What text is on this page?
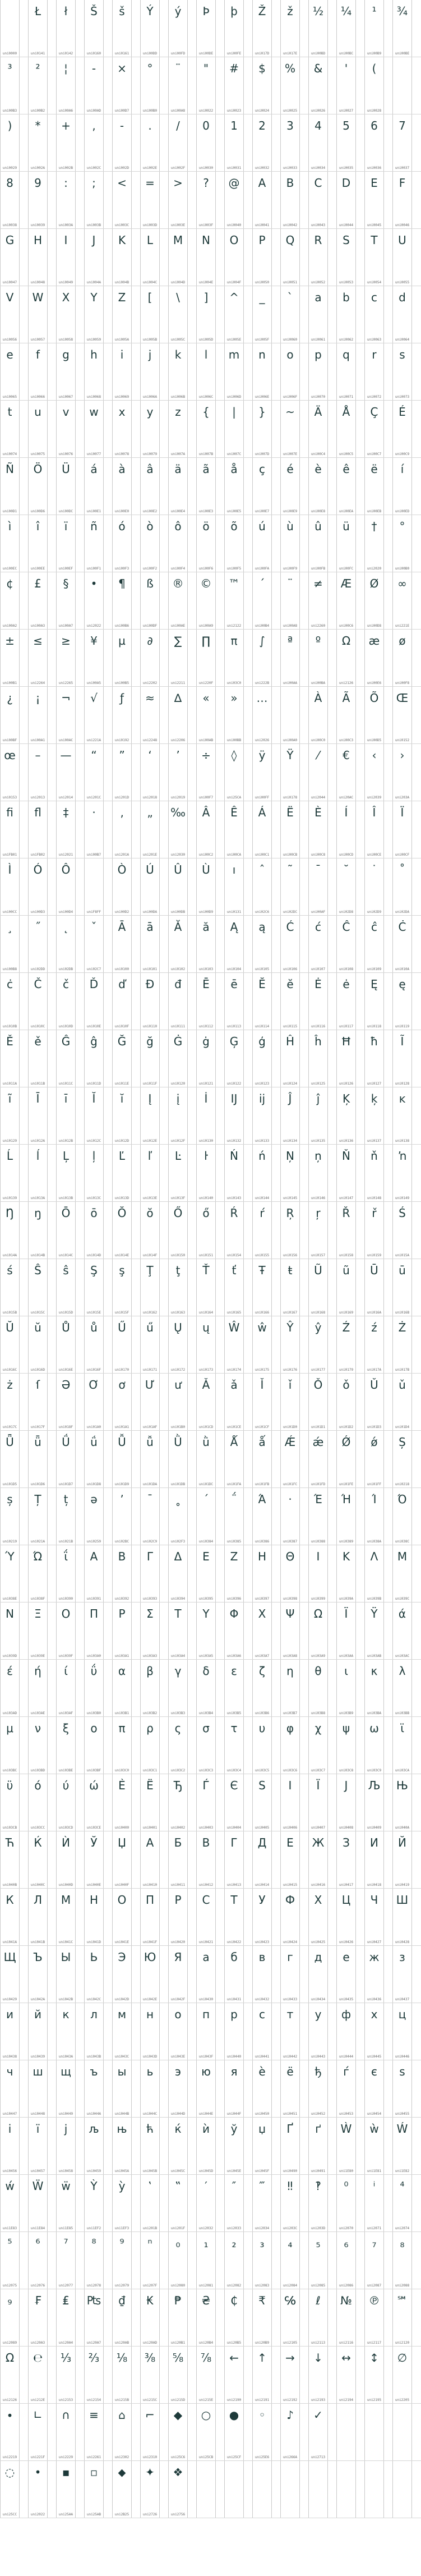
uni0000
Ł
uni0141
ł
uni0142
Š
uni0160
š
uni0161
Ý
uni00DD
ý
uni00FD
Þ
uni00DE
þ
uni00FE
Ž
uni017D
ž
uni017E
½
uni00BD
¼
uni00BC
¹
uni00B9
¾
uni00BE
³
uni00B3
²
uni00B2
¦
uni00A6
-
uni00AD
×
uni00D7
°
uni00B0
¨
uni00A8
"
uni0022
#
uni0023
$
uni0024
%
uni0025
&
uni0026
'
uni0027
(
uni0028
)
uni0029
*
uni002A
+
uni002B
,
uni002C
-
uni002D
.
uni002E
/
uni002F
0
uni0030
1
uni0031
2
uni0032
3
uni0033
4
uni0034
5
uni0035
6
uni0036
7
uni0037
8
uni0038
9
uni0039
:
uni003A
;
uni003B
<
uni003C
=
uni003D
>
uni003E
?
uni003F
@
uni0040
A
uni0041
B
uni0042
C
uni0043
D
uni0044
E
uni0045
F
uni0046
G
uni0047
H
uni0048
I
uni0049
J
uni004A
K
uni004B
L
uni004C
M
uni004D
N
uni004E
O
uni004F
P
uni0050
Q
uni0051
R
uni0052
S
uni0053
T
uni0054
U
uni0055
V
uni0056
W
uni0057
X
uni0058
Y
uni0059
Z
uni005A
[
uni005B
\
uni005C
]
uni005D
^
uni005E
_
uni005F
`
uni0060
a
uni0061
b
uni0062
c
uni0063
d
uni0064
e
uni0065
f
uni0066
g
uni0067
h
uni0068
i
uni0069
j
uni006A
k
uni006B
l
uni006C
m
uni006D
n
uni006E
o
uni006F
p
uni0070
q
uni0071
r
uni0072
s
uni0073
t
uni0074
u
uni0075
v
uni0076
w
uni0077
x
uni0078
y
uni0079
z
uni007A
{
uni007B
|
uni007C
}
uni007D
~
uni007E
Ä
uni00C4
Å
uni00C5
Ç
uni00C7
É
uni00C9
Ñ
uni00D1
Ö
uni00D6
Ü
uni00DC
á
uni00E1
à
uni00E0
â
uni00E2
ä
uni00E4
ã
uni00E3
å
uni00E5
ç
uni00E7
é
uni00E9
è
uni00E8
ê
uni00EA
ë
uni00EB
í
uni00ED
ì
uni00EC
î
uni00EE
ï
uni00EF
ñ
uni00F1
ó
uni00F3
ò
uni00F2
ô
uni00F4
ö
uni00F6
õ
uni00F5
ú
uni00FA
ù
uni00F9
û
uni00FB
ü
uni00FC
†
uni2020
°
uni00B0
¢
uni00A2
£
uni00A3
§
uni00A7
•
uni2022
¶
uni00B6
ß
uni00DF
®
uni00AE
©
uni00A9
™
uni2122
´
uni00B4
¨
uni00A8
≠
uni2260
Æ
uni00C6
Ø
uni00D8
∞
uni221E
±
uni00B1
≤
uni2264
≥
uni2265
¥
uni00A5
µ
uni00B5
∂
uni2202
∑
uni2211
∏
uni220F
π
uni03C0
∫
uni222B
ª
uni00AA
º
uni00BA
Ω
uni2126
æ
uni00E6
ø
uni00F8
¿
uni00BF
¡
uni00A1
¬
uni00AC
√
uni221A
ƒ
uni0192
≈
uni2248
∆
uni2206
«
uni00AB
»
uni00BB
…
uni2026	uni00A0
À
uni00C0
Ã
uni00C3
Õ
uni00D5
Œ
uni0152
œ
uni0153
–
uni2013
—
uni2014
“
uni201C
”
uni201D
‘
uni2018
’
uni2019
÷
uni00F7
◊
uni25CA
ÿ
uni00FF
Ÿ
uni0178
⁄
uni2044
€
uni20AC
‹
uni2039
›
uni203A
ﬁ
uniFB01
ﬂ
uniFB02
‡
uni2021
·
uni00B7
‚
uni201A
„
uni201E
‰
uni2030
Â
uni00C2
Ê
uni00CA
Á
uni00C1
Ë
uni00CB
È
uni00C8
Í
uni00CD
Î
uni00CE
Ï
uni00CF
Ì
uni00CC
Ó
uni00D3
Ô
uni00D4	uniF8FF
Ò
uni00D2
Ú
uni00DA
Û
uni00DB
Ù
uni00D9
ı
uni0131
ˆ
uni02C6
˜
uni02DC
¯
uni00AF
˘
uni02D8
˙
uni02D9
˚
uni02DA
¸
uni00B8
˝
uni02DD
˛
uni02DB
ˇ
uni02C7
Ā
uni0100
ā
uni0101
Ă
uni0102
ă
uni0103
Ą
uni0104
ą
uni0105
Ć
uni0106
ć
uni0107
Ĉ
uni0108
ĉ
uni0109
Ċ
uni010A
ċ
uni010B
Č
uni010C
č
uni010D
Ď
uni010E
ď
uni010F
Đ
uni0110
đ
uni0111
Ē
uni0112
ē
uni0113
Ĕ
uni0114
ĕ
uni0115
Ė
uni0116
ė
uni0117
Ę
uni0118
ę
uni0119
Ě
uni011A
ě
uni011B
Ĝ
uni011C
ĝ
uni011D
Ğ
uni011E
ğ
uni011F
Ġ
uni0120
ġ
uni0121
Ģ
uni0122
ģ
uni0123
Ĥ
uni0124
ĥ
uni0125
Ħ
uni0126
ħ
uni0127
Ĩ
uni0128
ĩ
uni0129
Ī
uni012A
ī
uni012B
Ĭ
uni012C
ĭ
uni012D
Į
uni012E
į
uni012F
İ
uni0130
Ĳ
uni0132
ĳ
uni0133
Ĵ
uni0134
ĵ
uni0135
Ķ
uni0136
ķ
uni0137
ĸ
uni0138
Ĺ
uni0139
ĺ
uni013A
Ļ
uni013B
ļ
uni013C
Ľ
uni013D
ľ
uni013E
Ŀ
uni013F
ŀ
uni0140
Ń
uni0143
ń
uni0144
Ņ
uni0145
ņ
uni0146
Ň
uni0147
ň
uni0148
ŉ
uni0149
Ŋ
uni014A
ŋ
uni014B
Ō
uni014C
ō
uni014D
Ŏ
uni014E
ŏ
uni014F
Ő
uni0150
ő
uni0151
Ŕ
uni0154
ŕ
uni0155
Ŗ
uni0156
ŗ
uni0157
Ř
uni0158
ř
uni0159
Ś
uni015A
ś
uni015B
Ŝ
uni015C
ŝ
uni015D
Ş
uni015E
ş
uni015F
Ţ
uni0162
ţ
uni0163
Ť
uni0164
ť
uni0165
Ŧ
uni0166
ŧ
uni0167
Ũ
uni0168
ũ
uni0169
Ū
uni016A
ū
uni016B
Ŭ
uni016C
ŭ
uni016D
Ů
uni016E
ů
uni016F
Ű
uni0170
ű
uni0171
Ų
uni0172
ų
uni0173
Ŵ
uni0174
ŵ
uni0175
Ŷ
uni0176
ŷ
uni0177
Ź
uni0179
ź
uni017A
Ż
uni017B
ż
uni017C
ſ
uni017F
Ə
uni018F
Ơ
uni01A0
ơ
uni01A1
Ư
uni01AF
ư
uni01B0
Ǎ
uni01CD
ǎ
uni01CE
Ǐ
uni01CF
ǐ
uni01D0
Ǒ
uni01D1
ǒ
uni01D2
Ǔ
uni01D3
ǔ
uni01D4
Ǖ
uni01D5
ǖ
uni01D6
Ǘ
uni01D7
ǘ
uni01D8
Ǚ
uni01D9
ǚ
uni01DA
Ǜ
uni01DB
ǜ
uni01DC
Ǻ
uni01FA
ǻ
uni01FB
Ǽ
uni01FC
ǽ
uni01FD
Ǿ
uni01FE
ǿ
uni01FF
Ș
uni0218
ș
uni0219
Ț
uni021A
ț
uni021B
ə
uni0259
ʼ
uni02BC
ˉ
uni02C9
˳
uni02F3
΄
uni0384
΅
uni0385
Ά
uni0386
·
uni0387
Έ
uni0388
Ή
uni0389
Ί
uni038A
Ό
uni038C
Ύ
uni038E
Ώ
uni038F
ΐ
uni0390
Α
uni0391
Β
uni0392
Γ
uni0393
Δ
uni0394
Ε
uni0395
Ζ
uni0396
Η
uni0397
Θ
uni0398
Ι
uni0399
Κ
uni039A
Λ
uni039B
Μ
uni039C
Ν
uni039D
Ξ
uni039E
Ο
uni039F
Π
uni03A0
Ρ
uni03A1
Σ
uni03A3
Τ
uni03A4
Υ
uni03A5
Φ
uni03A6
Χ
uni03A7
Ψ
uni03A8
Ω
uni03A9
Ϊ
uni03AA
Ϋ
uni03AB
ά
uni03AC
έ
uni03AD
ή
uni03AE
ί
uni03AF
ΰ
uni03B0
α
uni03B1
β
uni03B2
γ
uni03B3
δ
uni03B4
ε
uni03B5
ζ
uni03B6
η
uni03B7
θ
uni03B8
ι
uni03B9
κ
uni03BA
λ
uni03BB
μ
uni03BC
ν
uni03BD
ξ
uni03BE
ο
uni03BF
π
uni03C0
ρ
uni03C1
ς
uni03C2
σ
uni03C3
τ
uni03C4
υ
uni03C5
φ
uni03C6
χ
uni03C7
ψ
uni03C8
ω
uni03C9
ϊ
uni03CA
ϋ
uni03CB
ό
uni03CC
ύ
uni03CD
ώ
uni03CE
Ѐ
uni0400
Ё
uni0401
Ђ
uni0402
Ѓ
uni0403
Є
uni0404
Ѕ
uni0405
І
uni0406
Ї
uni0407
Ј
uni0408
Љ
uni0409
Њ
uni040A
Ћ
uni040B
Ќ
uni040C
Ѝ
uni040D
Ў
uni040E
Џ
uni040F
А
uni0410
Б
uni0411
В
uni0412
Г
uni0413
Д
uni0414
Е
uni0415
Ж
uni0416
З
uni0417
И
uni0418
Й
uni0419
К
uni041A
Л
uni041B
М
uni041C
Н
uni041D
О
uni041E
П
uni041F
Р
uni0420
С
uni0421
Т
uni0422
У
uni0423
Ф
uni0424
Х
uni0425
Ц
uni0426
Ч
uni0427
Ш
uni0428
Щ
uni0429
Ъ
uni042A
Ы
uni042B
Ь
uni042C
Э
uni042D
Ю
uni042E
Я
uni042F
а
uni0430
б
uni0431
в
uni0432
г
uni0433
д
uni0434
е
uni0435
ж
uni0436
з
uni0437
и
uni0438
й
uni0439
к
uni043A
л
uni043B
м
uni043C
н
uni043D
о
uni043E
п
uni043F
р
uni0440
с
uni0441
т
uni0442
у
uni0443
ф
uni0444
х
uni0445
ц
uni0446
ч
uni0447
ш
uni0448
щ
uni0449
ъ
uni044A
ы
uni044B
ь
uni044C
э
uni044D
ю
uni044E
я
uni044F
ѐ
uni0450
ё
uni0451
ђ
uni0452
ѓ
uni0453
є
uni0454
ѕ
uni0455
і
uni0456
ї
uni0457
ј
uni0458
љ
uni0459
њ
uni045A
ћ
uni045B
ќ
uni045C
ѝ
uni045D
ў
uni045E
џ
uni045F
Ґ
uni0490
ґ
uni0491
Ẁ
uni1E80
ẁ
uni1E81
Ẃ
uni1E82
ẃ
uni1E83
Ẅ
uni1E84
ẅ
uni1E85
Ỳ
uni1EF2
ỳ
uni1EF3
‛
uni201B
‟
uni201F
′
uni2032
″
uni2033
‴
uni2034
‼
uni203C
‽
uni203D
⁰
uni2070
ⁱ
uni2071
⁴
uni2074
⁵
uni2075
⁶
uni2076
⁷
uni2077
⁸
uni2078
⁹
uni2079
ⁿ
uni207F
₀
uni2080
₁
uni2081
₂
uni2082
₃
uni2083
₄
uni2084
₅
uni2085
₆
uni2086
₇
uni2087
₈
uni2088
₉
uni2089
₣
uni20A3
₤
uni20A4
₧
uni20A7
₫
uni20AB
₭
uni20AD
₱
uni20B1
₴
uni20B4
₵
uni20B5
₹
uni20B9
℅
uni2105
ℓ
uni2113
№
uni2116
℗
uni2117
℠
uni2120
Ω
uni2126
℮
uni212E
⅓
uni2153
⅔
uni2154
⅛
uni215B
⅜
uni215C
⅝
uni215D
⅞
uni215E
←
uni2190
↑
uni2191
→
uni2192
↓
uni2193
↔
uni2194
↕
uni2195
∅
uni2205
∙
uni2219
∟
uni221F
∩
uni2229
≡
uni2261
⌂
uni2302
⌐
uni2310
◆
uni25C6
○
uni25CB
●
uni25CF
◦
uni25E6
♪
uni266A
✓
uni2713
◌
uni25CC
•
uni2022
▪
uni25AA
▫
uni25AB
⬥
uni2B25
✦
uni2726
❖
uni2756
